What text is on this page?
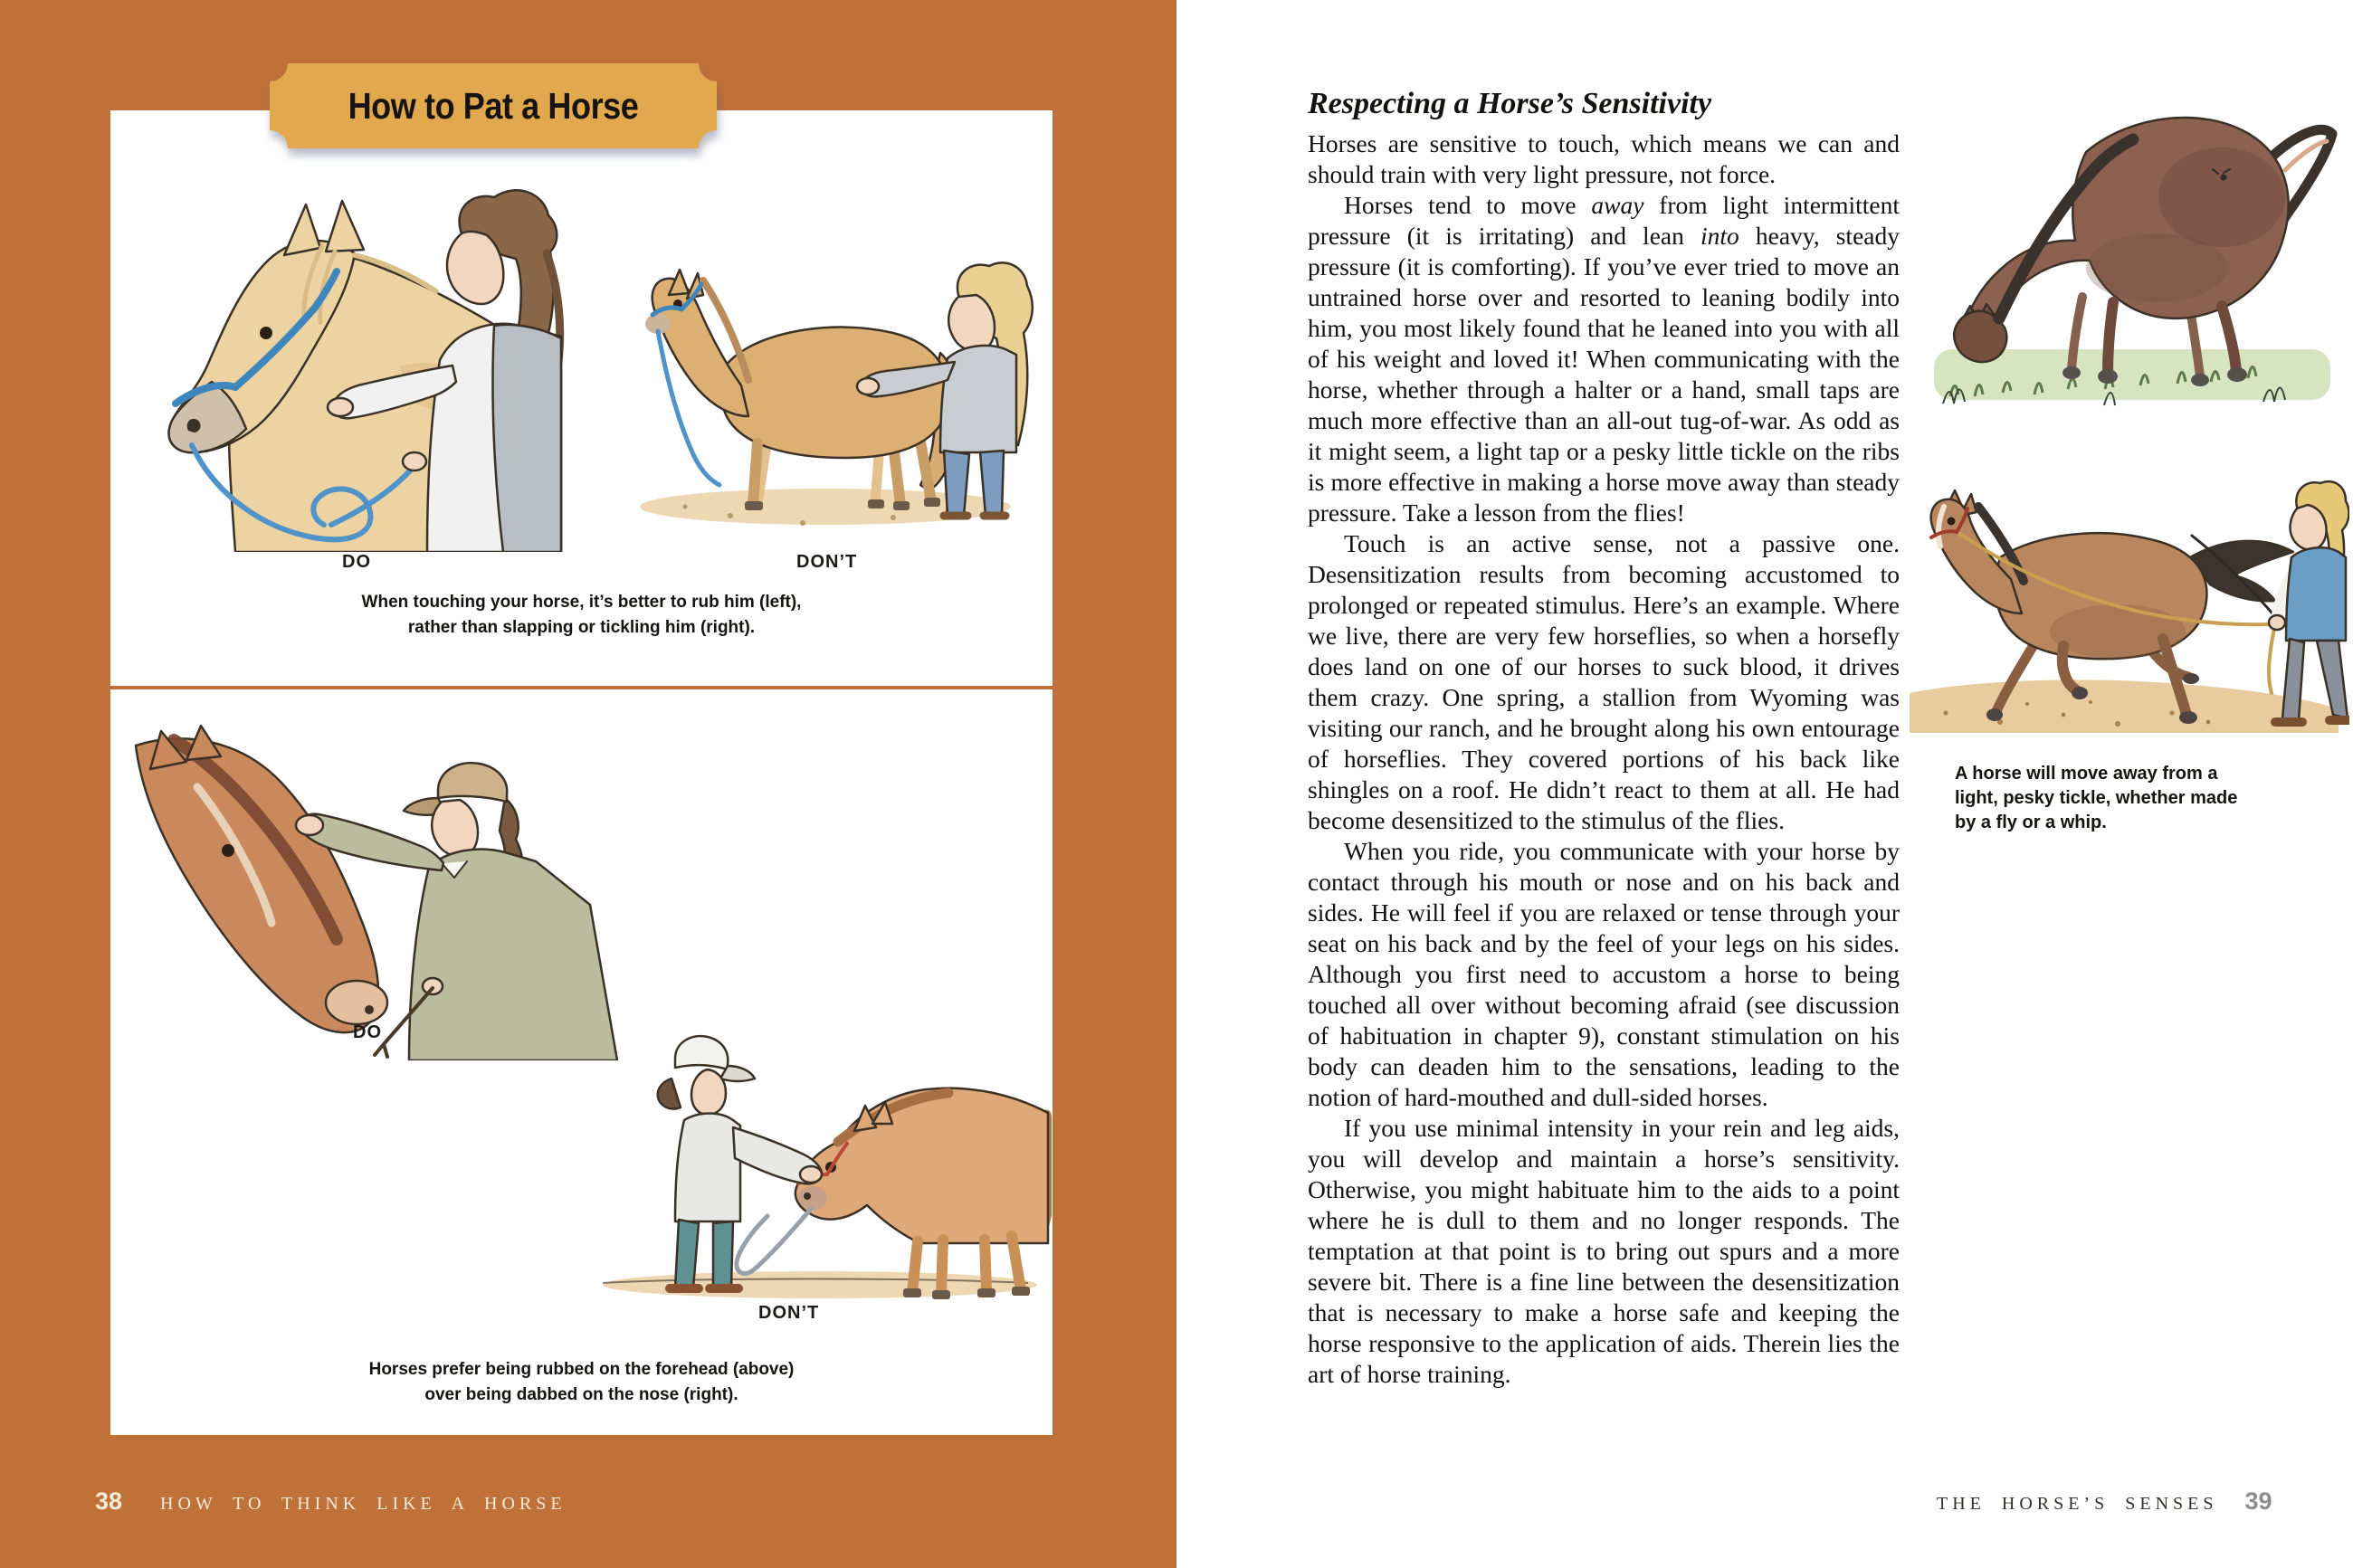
How to Pat a Horse
DO	DON’T
When touching your horse, it’s better to rub him (left),
rather than slapping or tickling him (right).
DO
DON’T
Horses prefer being rubbed on the forehead (above)
over being dabbed on the nose (right).
38 HOW TO THINK LIKE A HORSE
Respecting a Horse’s Sensitivity

Horses are sensitive to touch, which means we can and should train with very light pressure, not force.

Horses tend to move away from light intermittent pressure (it is irritating) and lean into heavy, steady pressure (it is comforting). If you’ve ever tried to move an untrained horse over and resorted to leaning bodily into him, you most likely found that he leaned into you with all of his weight and loved it! When communicating with the horse, whether through a halter or a hand, small taps are much more effective than an all-out tug-of-war. As odd as it might seem, a light tap or a pesky little tickle on the ribs is more effective in making a horse move away than steady pressure. Take a lesson from the flies!

Touch is an active sense, not a passive one. Desensitization results from becoming accustomed to prolonged or repeated stimulus. Here’s an example. Where we live, there are very few horseflies, so when a horsefly does land on one of our horses to suck blood, it drives them crazy. One spring, a stallion from Wyoming was visiting our ranch, and he brought along his own entourage of horseflies. They covered portions of his back like shingles on a roof. He didn’t react to them at all. He had become desensitized to the stimulus of the flies.

When you ride, you communicate with your horse by contact through his mouth or nose and on his back and sides. He will feel if you are relaxed or tense through your seat on his back and by the feel of your legs on his sides. Although you first need to accustom a horse to being touched all over without becoming afraid (see discussion of habituation in chapter 9), constant stimulation on his body can deaden him to the sensations, leading to the notion of hard-mouthed and dull-sided horses.

If you use minimal intensity in your rein and leg aids, you will develop and maintain a horse’s sensitivity. Otherwise, you might habituate him to the aids to a point where he is dull to them and no longer responds. The temptation at that point is to bring out spurs and a more severe bit. There is a fine line between the desensitization that is necessary to make a horse safe and keeping the horse responsive to the application of aids. Therein lies the art of horse training.

A horse will move away from a
light, pesky tickle, whether made
by a fly or a whip.
THE HORSE’S SENSES 39
